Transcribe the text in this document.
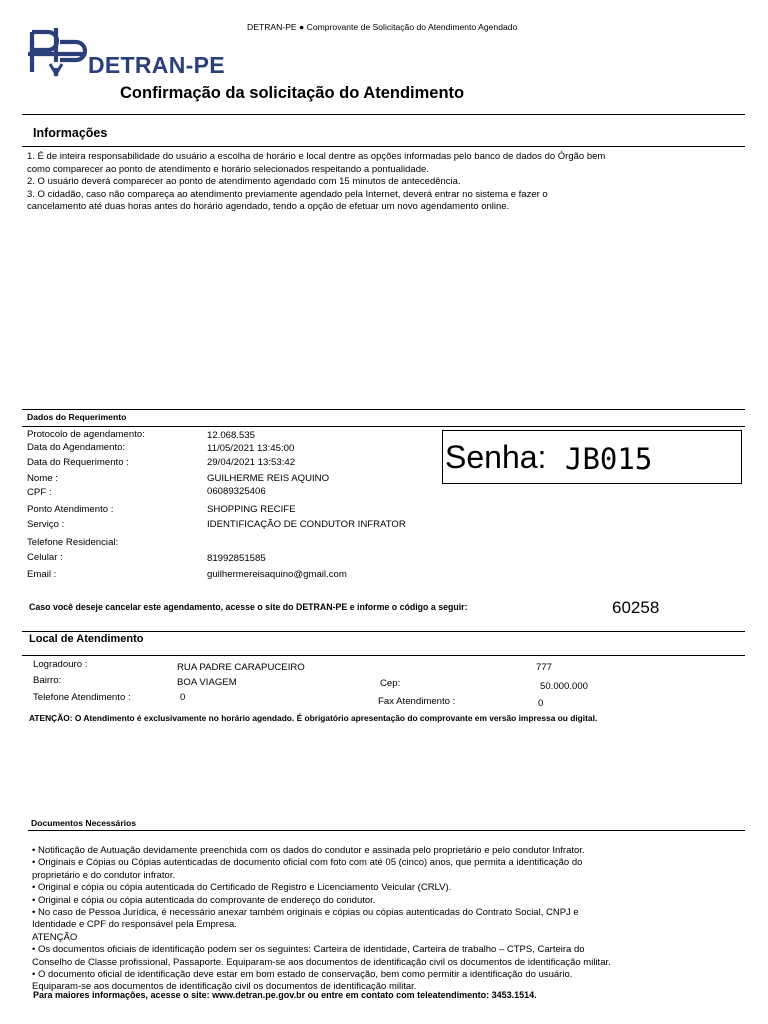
DETRAN-PE ● Comprovante de Solicitação do Atendimento Agendado
DETRAN-PE
Confirmação da solicitação do Atendimento
Informações
1. É de inteira responsabilidade do usuário a escolha de horário e local dentre as opções informadas pelo banco de dados do Órgão bem
como comparecer ao ponto de atendimento e horário selecionados respeitando a pontualidade.
2. O usuário deverá comparecer ao ponto de atendimento agendado com 15 minutos de antecedência.
3. O cidadão, caso não compareça ao atendimento previamente agendado pela Internet, deverá entrar no sistema e fazer o
cancelamento até duas horas antes do horário agendado, tendo a opção de efetuar um novo agendamento online.
Dados do Requerimento
Protocolo de agendamento:	12.068.535
Data do Agendamento:	11/05/2021 13:45:00
Data do Requerimento :	29/04/2021 13:53:42
Nome :	GUILHERME REIS AQUINO
CPF :	06089325406
Ponto Atendimento :	SHOPPING RECIFE
Serviço :	IDENTIFICAÇÃO DE CONDUTOR INFRATOR
Telefone Residencial:
Celular :	81992851585
Email :	guilhermereisaquino@gmail.com
Senha: JB015
Caso você deseje cancelar este agendamento, acesse o site do DETRAN-PE e informe o código a seguir:	60258
Local de Atendimento
Logradouro :	RUA PADRE CARAPUCEIRO	777
Bairro:	BOA VIAGEM	Cep:	50.000.000
Telefone Atendimento :	0	Fax Atendimento :	0
ATENÇÃO: O Atendimento é exclusivamente no horário agendado. É obrigatório apresentação do comprovante em versão impressa ou digital.
Documentos Necessários
• Notificação de Autuação devidamente preenchida com os dados do condutor e assinada pelo proprietário e pelo condutor Infrator.
• Originais e Cópias ou Cópias autenticadas de documento oficial com foto com até 05 (cinco) anos, que permita a identificação do
proprietário e do condutor infrator.
• Original e cópia ou cópia autenticada do Certificado de Registro e Licenciamento Veicular (CRLV).
• Original e cópia ou cópia autenticada do comprovante de endereço do condutor.
• No caso de Pessoa Jurídica, é necessário anexar também originais e cópias ou cópias autenticadas do Contrato Social, CNPJ e
Identidade e CPF do responsável pela Empresa.
ATENÇÃO
• Os documentos oficiais de identificação podem ser os seguintes: Carteira de identidade, Carteira de trabalho – CTPS, Carteira do
Conselho de Classe profissional, Passaporte. Equiparam-se aos documentos de identificação civil os documentos de identificação militar.
• O documento oficial de identificação deve estar em bom estado de conservação, bem como permitir a identificação do usuário.
Equiparam-se aos documentos de identificação civil os documentos de identificação militar.
Para maiores informações, acesse o site: www.detran.pe.gov.br ou entre em contato com teleatendimento: 3453.1514.
